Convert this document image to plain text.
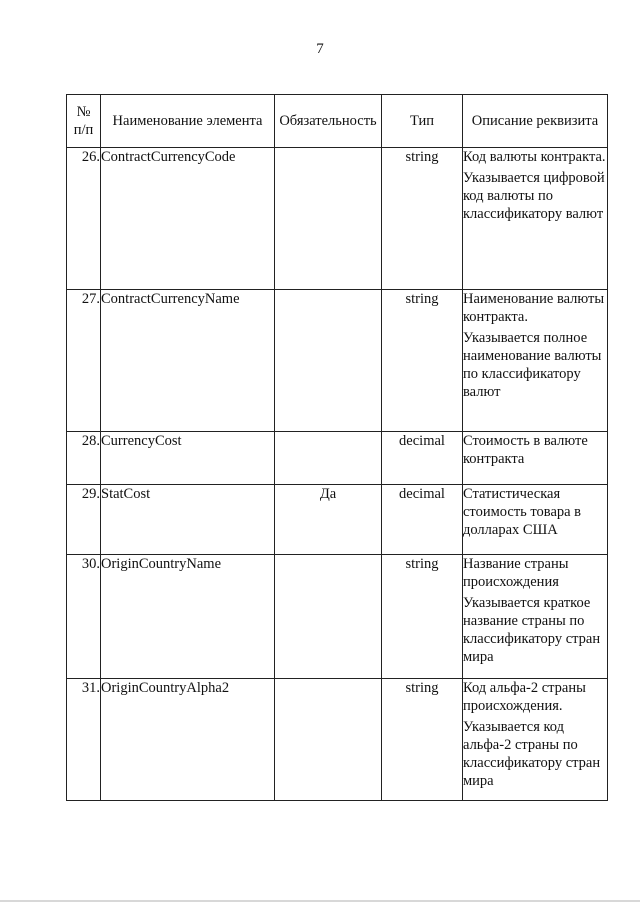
7
№
п/п	Наименование элемента	Обязательность	Тип	Описание реквизита
26.	ContractCurrencyCode		string	Код валюты контракта.

Указывается цифровой код валюты по классификатору валют

27.	ContractCurrencyName		string	Наименование валюты контракта.

Указывается полное наименование валюты по классификатору валют

28.	CurrencyCost		decimal	Стоимость в валюте контракта

29.	StatCost	Да	decimal	Статистическая стоимость товара в долларах США

30.	OriginCountryName		string	Название страны происхождения

Указывается краткое название страны по классификатору стран мира

31.	OriginCountryAlpha2		string	Код альфа-2 страны происхождения.

Указывается код альфа-2 страны по классификатору стран мира
